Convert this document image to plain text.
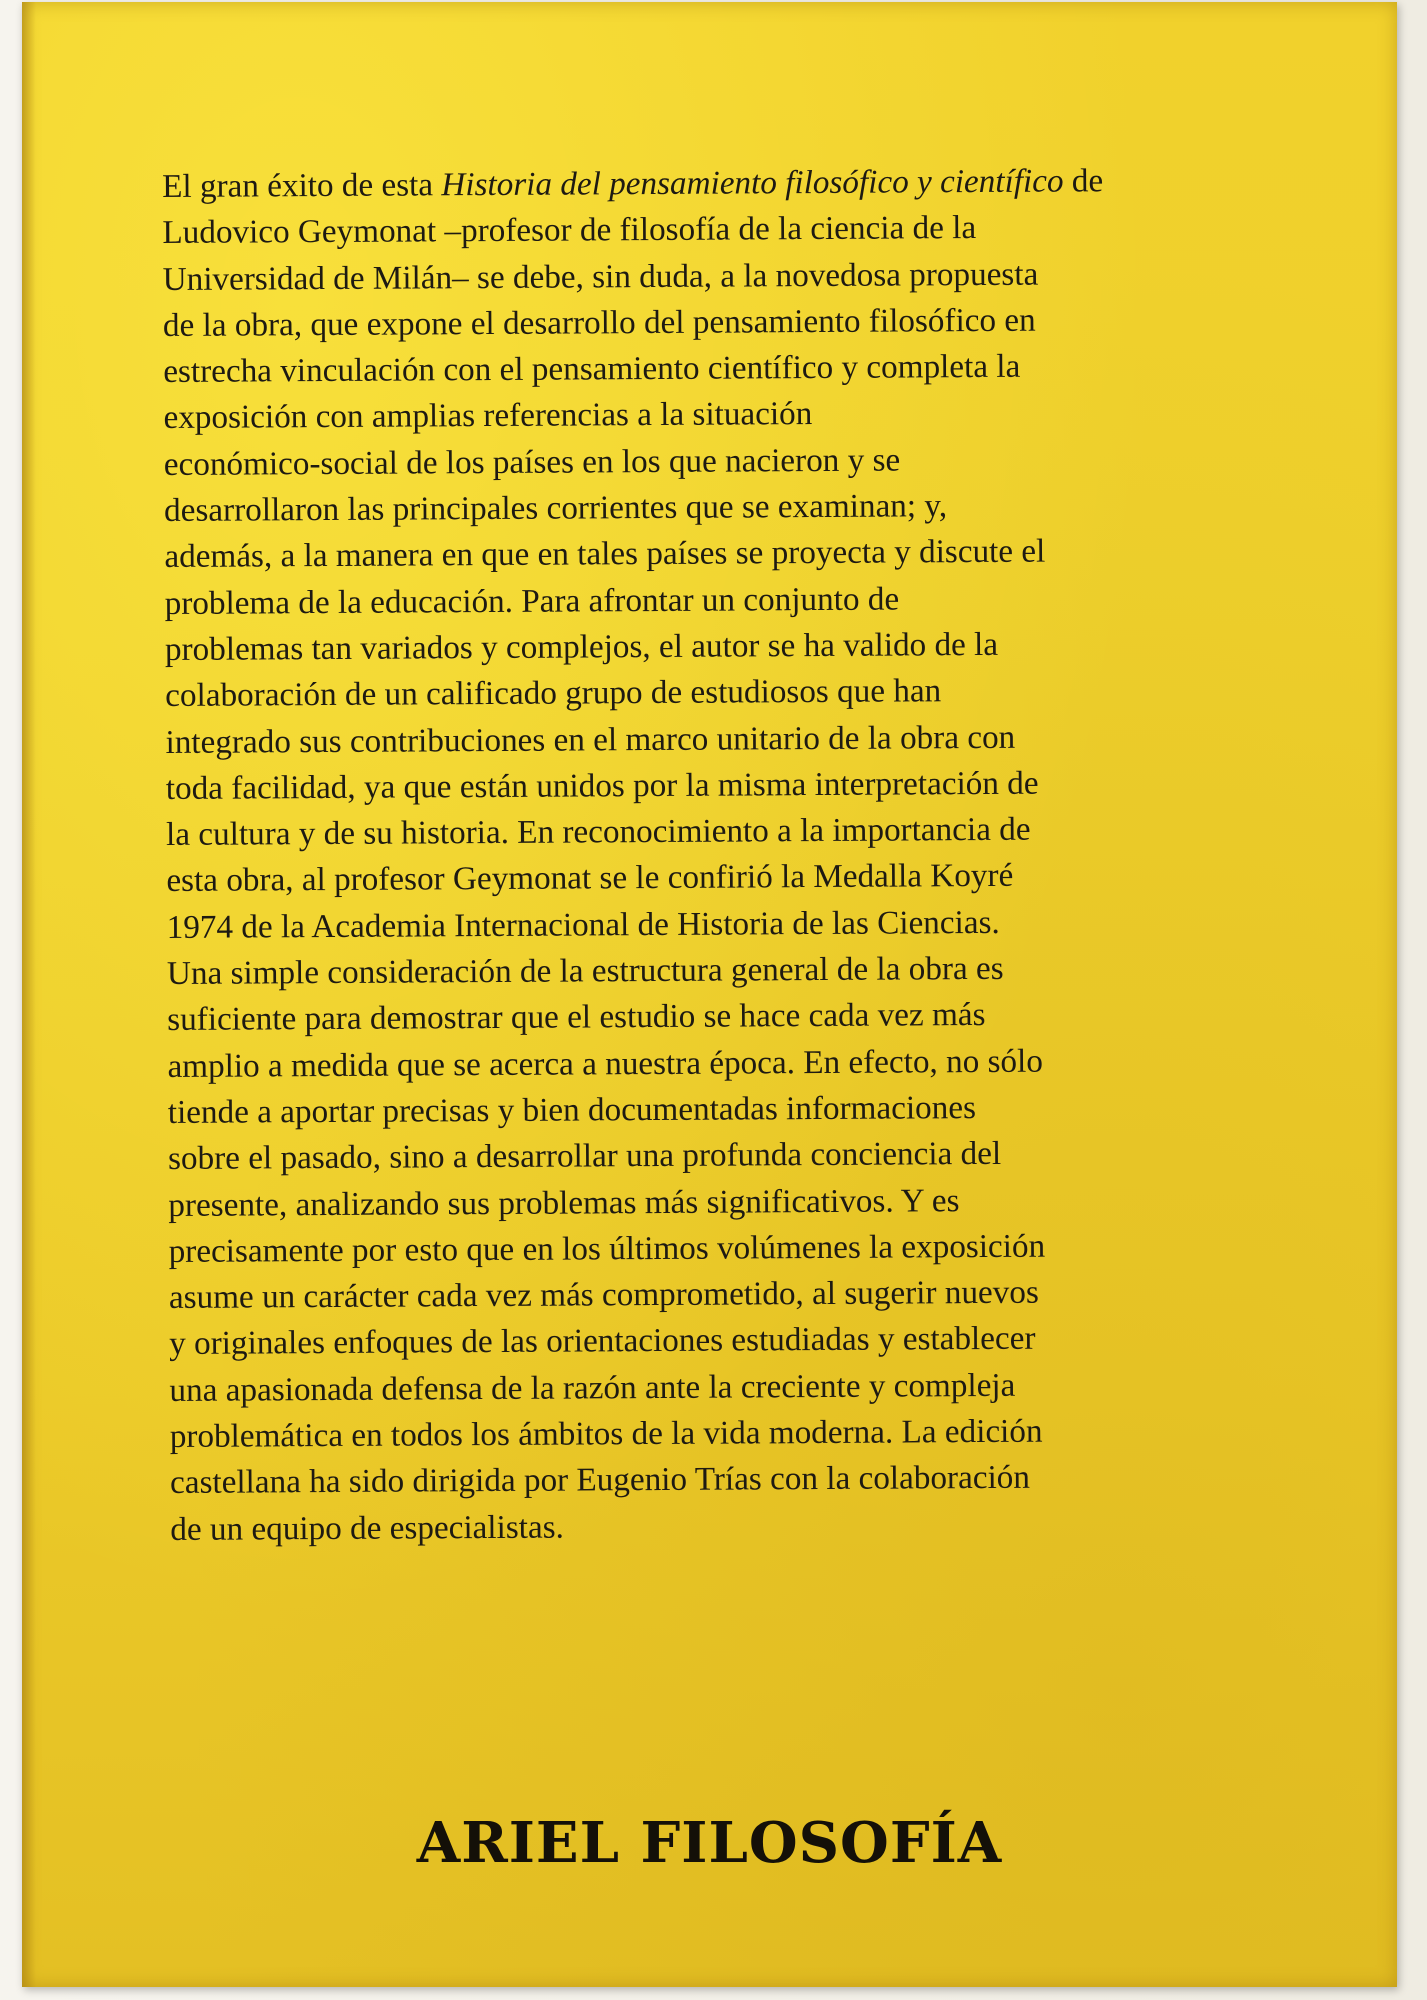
El gran éxito de esta Historia del pensamiento filosófico y científico de
Ludovico Geymonat –profesor de filosofía de la ciencia de la
Universidad de Milán– se debe, sin duda, a la novedosa propuesta
de la obra, que expone el desarrollo del pensamiento filosófico en
estrecha vinculación con el pensamiento científico y completa la
exposición con amplias referencias a la situación
económico-social de los países en los que nacieron y se
desarrollaron las principales corrientes que se examinan; y,
además, a la manera en que en tales países se proyecta y discute el
problema de la educación. Para afrontar un conjunto de
problemas tan variados y complejos, el autor se ha valido de la
colaboración de un calificado grupo de estudiosos que han
integrado sus contribuciones en el marco unitario de la obra con
toda facilidad, ya que están unidos por la misma interpretación de
la cultura y de su historia. En reconocimiento a la importancia de
esta obra, al profesor Geymonat se le confirió la Medalla Koyré
1974 de la Academia Internacional de Historia de las Ciencias.
Una simple consideración de la estructura general de la obra es
suficiente para demostrar que el estudio se hace cada vez más
amplio a medida que se acerca a nuestra época. En efecto, no sólo
tiende a aportar precisas y bien documentadas informaciones
sobre el pasado, sino a desarrollar una profunda conciencia del
presente, analizando sus problemas más significativos. Y es
precisamente por esto que en los últimos volúmenes la exposición
asume un carácter cada vez más comprometido, al sugerir nuevos
y originales enfoques de las orientaciones estudiadas y establecer
una apasionada defensa de la razón ante la creciente y compleja
problemática en todos los ámbitos de la vida moderna. La edición
castellana ha sido dirigida por Eugenio Trías con la colaboración
de un equipo de especialistas.

ARIEL FILOSOFÍA
